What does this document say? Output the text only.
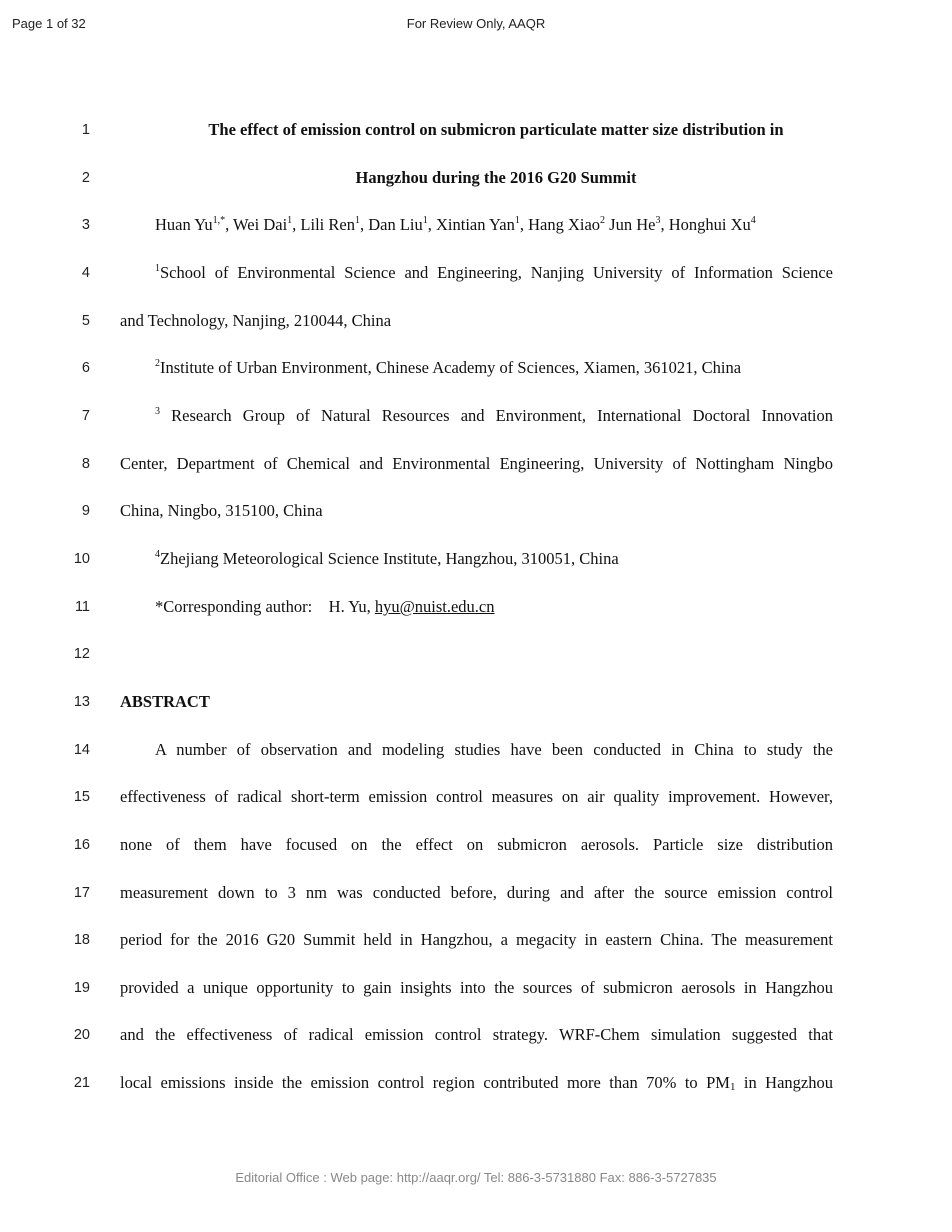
Page 1 of 32	For Review Only, AAQR
1	The effect of emission control on submicron particulate matter size distribution in
2	Hangzhou during the 2016 G20 Summit
3	Huan $Yu^{1,*}$, Wei Dai$^1$, Lili Ren$^1$, Dan Liu$^1$, Xintian Yan$^1$, Hang Xiao$^2$ Jun He$^3$, Honghui Xu$^4$
4	$^1$School of Environmental Science and Engineering, Nanjing University of Information Science
5 and Technology, Nanjing, 210044, China
6	$^2$Institute of Urban Environment, Chinese Academy of Sciences, Xiamen, 361021, China
7	$^3$ Research Group of Natural Resources and Environment, International Doctoral Innovation
8 Center, Department of Chemical and Environmental Engineering, University of Nottingham Ningbo
9 China, Ningbo, 315100, China
10	$^4$Zhejiang Meteorological Science Institute, Hangzhou, 310051, China
11	*Corresponding author:    H. Yu, hyu@nuist.edu.cn
12
13 ABSTRACT
14	A number of observation and modeling studies have been conducted in China to study the
15 effectiveness of radical short-term emission control measures on air quality improvement. However,
16 none of them have focused on the effect on submicron aerosols. Particle size distribution
17 measurement down to 3 nm was conducted before, during and after the source emission control
18 period for the 2016 G20 Summit held in Hangzhou, a megacity in eastern China. The measurement
19 provided a unique opportunity to gain insights into the sources of submicron aerosols in Hangzhou
20 and the effectiveness of radical emission control strategy. WRF-Chem simulation suggested that
21 local emissions inside the emission control region contributed more than 70% to $PM_1$ in Hangzhou
Editorial Office : Web page: http://aaqr.org/ Tel: 886-3-5731880 Fax: 886-3-5727835
